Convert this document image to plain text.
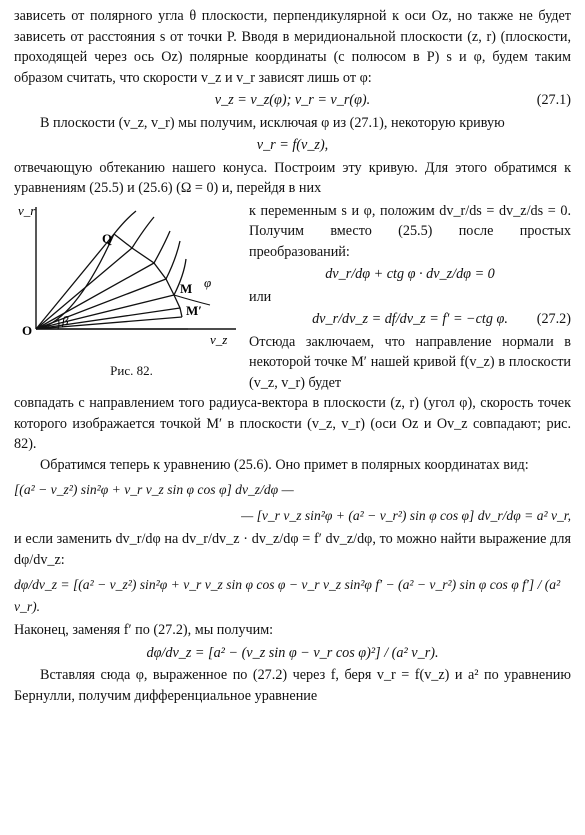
зависеть от полярного угла θ плоскости, перпендикулярной к оси Oz, но также не будет зависеть от расстояния s от точки P. Вводя в меридиональной плоскости (z, r) (плоскости, проходящей через ось Oz) полярные координаты (с полюсом в P) s и φ, будем таким образом считать, что скорости v_z и v_r зависят лишь от φ:

v_z = v_z(φ); v_r = v_r(φ).	(27.1)

В плоскости (v_z, v_r) мы получим, исключая φ из (27.1), некоторую кривую

v_r = f(v_z),

отвечающую обтеканию нашего конуса. Построим эту кривую. Для этого обратимся к уравнениям (25.5) и (25.6) (Ω = 0) и, перейдя в них

v_r
v_z
O
Q
M
M′
φ
β
Рис. 82.

к переменным s и φ, положим dv_r/ds = dv_z/ds = 0. Получим вместо (25.5) после простых преобразований:

dv_r/dφ + ctg φ · dv_z/dφ = 0

или

dv_r/dv_z = df/dv_z = f′ = −ctg φ. (27.2)

Отсюда заключаем, что направление нормали в некоторой точке M′ нашей кривой f(v_z) в плоскости (v_z, v_r) будет

совпадать с направлением того радиуса-вектора в плоскости (z, r) (угол φ), скорость точек которого изображается точкой M′ в плоскости (v_z, v_r) (оси Oz и Ov_z совпадают; рис. 82).

Обратимся теперь к уравнению (25.6). Оно примет в полярных координатах вид:

[(a² − v_z²) sin²φ + v_r v_z sin φ cos φ] dv_z/dφ —
— [v_r v_z sin²φ + (a² − v_r²) sin φ cos φ] dv_r/dφ = a² v_r,

и если заменить dv_r/dφ на dv_r/dv_z · dv_z/dφ = f′ dv_z/dφ, то можно найти выражение для dφ/dv_z:

dφ/dv_z = [(a² − v_z²) sin²φ + v_r v_z sin φ cos φ − v_r v_z sin²φ f′ − (a² − v_r²) sin φ cos φ f′] / (a² v_r).

Наконец, заменяя f′ по (27.2), мы получим:

dφ/dv_z = [a² − (v_z sin φ − v_r cos φ)²] / (a² v_r).

Вставляя сюда φ, выраженное по (27.2) через f, беря v_r = f(v_z) и a² по уравнению Бернулли, получим дифференциальное уравнение
